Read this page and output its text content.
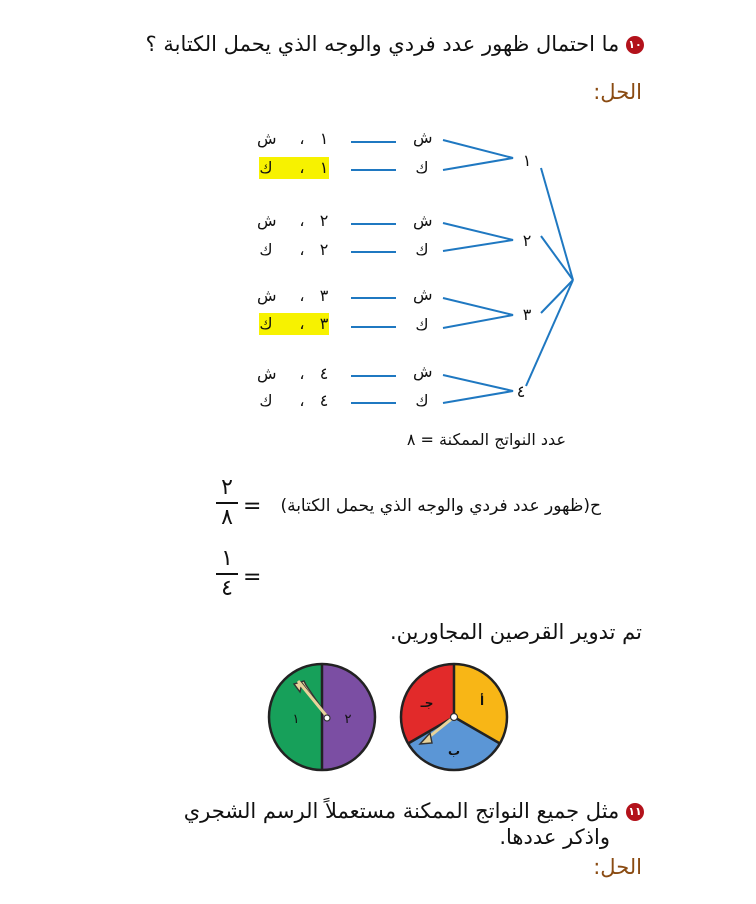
١٠ ما احتمال ظهور عدد فردي والوجه الذي يحمل الكتابة ؟
الحل:
١
٢
٣
٤
ش
ك
ش
ك
ش
ك
ش
ك
ش	، ١
ك	، ١
ش	، ٢
ك	، ٢
ش	، ٣
ك	، ٣
ش	، ٤
ك	، ٤
عدد النواتج الممكنة = ٨
ح(ظهور عدد فردي والوجه الذي يحمل الكتابة)
=
٢
٨
=
١
٤
تم تدوير القرصين المجاورين.
١	٢
أ
ب
جـ
١١ مثل جميع النواتج الممكنة مستعملاً الرسم الشجري
واذكر عددها.
الحل:
